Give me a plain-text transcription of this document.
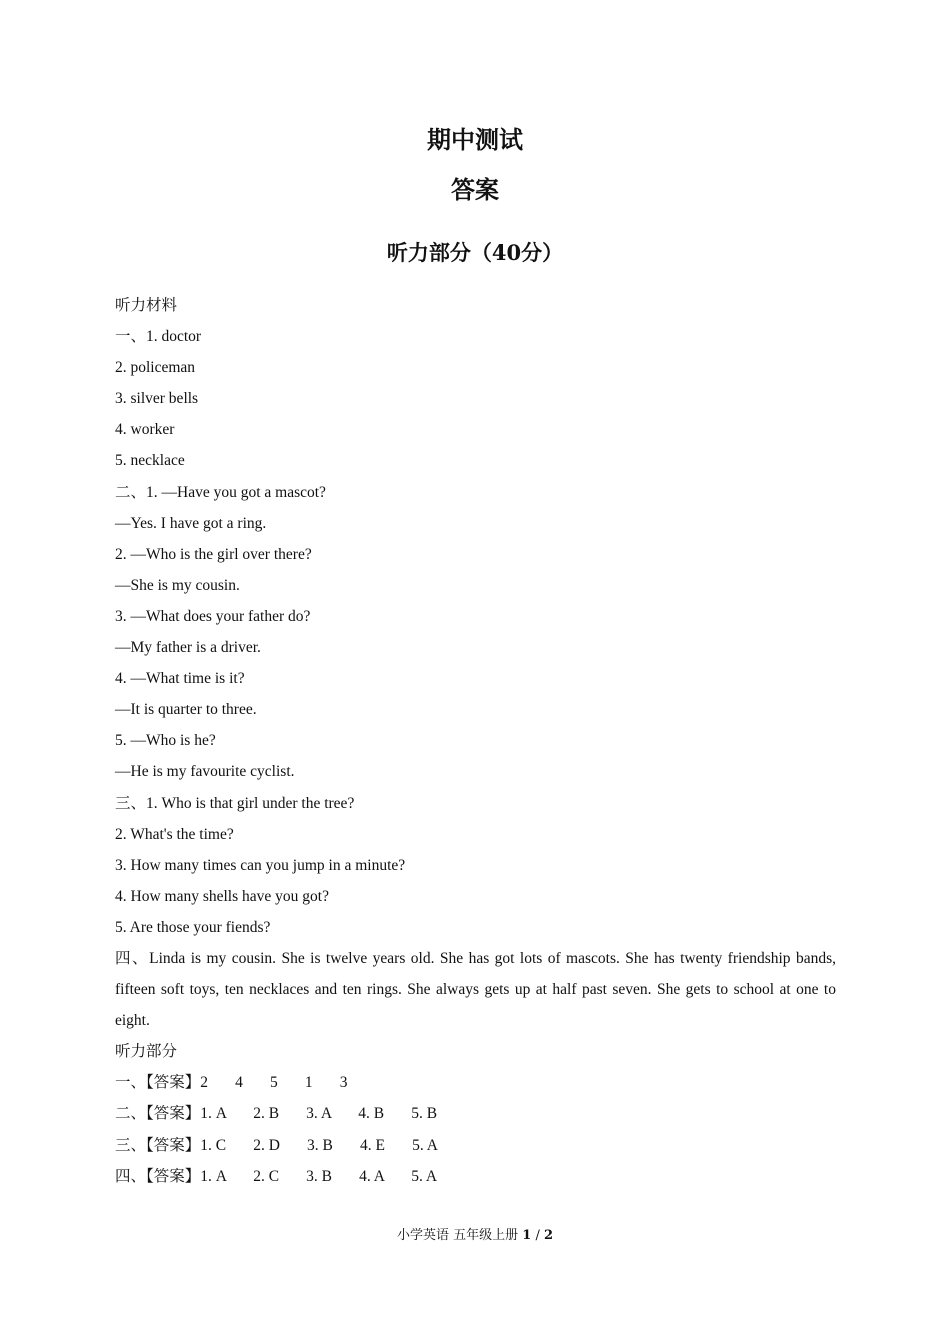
期中测试
答案
听力部分（40分）
听力材料
一、1. doctor
2. policeman
3. silver bells
4. worker
5. necklace
二、1. —Have you got a mascot?
—Yes. I have got a ring.
2. —Who is the girl over there?
—She is my cousin.
3. —What does your father do?
—My father is a driver.
4. —What time is it?
—It is quarter to three.
5. —Who is he?
—He is my favourite cyclist.
三、1. Who is that girl under the tree?
2. What's the time?
3. How many times can you jump in a minute?
4. How many shells have you got?
5. Are those your fiends?
四、Linda is my cousin. She is twelve years old. She has got lots of mascots. She has twenty friendship bands, fifteen soft toys, ten necklaces and ten rings. She always gets up at half past seven. She gets to school at one to eight.
听力部分
一、【答案】2       4       5       1       3
二、【答案】1. A       2. B       3. A       4. B       5. B
三、【答案】1. C       2. D       3. B       4. E       5. A
四、【答案】1. A       2. C       3. B       4. A       5. A
小学英语 五年级上册 1 / 2
